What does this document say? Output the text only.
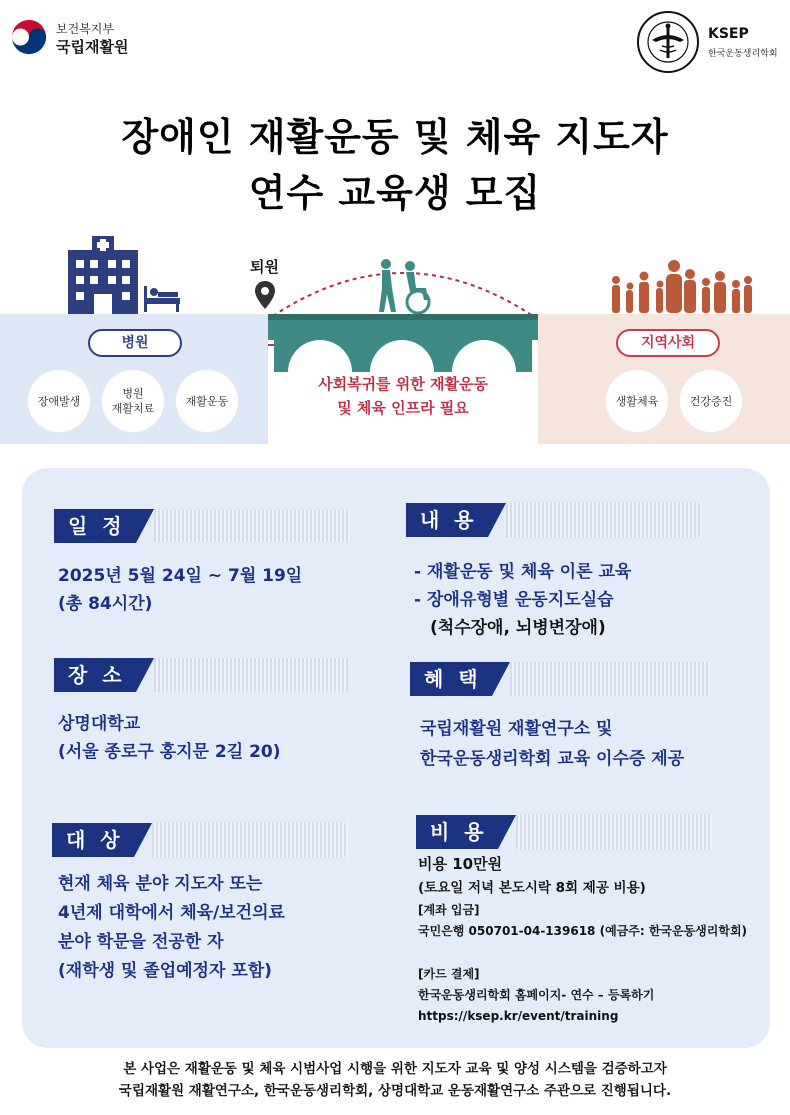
보건복지부
국립재활원
KSEP
한국운동생리학회
장애인 재활운동 및 체육 지도자
연수 교육생 모집
퇴원
사회복귀를 위한 재활운동
및 체육 인프라 필요
병원
장애발생
병원
재활치료
재활운동
지역사회
생활체육	건강증진
일 정
2025년 5월 24일 ~ 7월 19일
(총 84시간)
장 소
상명대학교
(서울 종로구 홍지문 2길 20)
대 상
현재 체육 분야 지도자 또는
4년제 대학에서 체육/보건의료
분야 학문을 전공한 자
(재학생 및 졸업예정자 포함)
내 용
- 재활운동 및 체육 이론 교육
- 장애유형별 운동지도실습
(척수장애, 뇌병변장애)
혜 택
국립재활원 재활연구소 및
한국운동생리학회 교육 이수증 제공
비 용
비용 10만원
(토요일 저녁 본도시락 8회 제공 비용)
[계좌 입금]
국민은행 050701-04-139618 (예금주: 한국운동생리학회)
[카드 결제]
한국운동생리학회 홈페이지- 연수 – 등록하기
https://ksep.kr/event/training
본 사업은 재활운동 및 체육 시범사업 시행을 위한 지도자 교육 및 양성 시스템을 검증하고자
국립재활원 재활연구소, 한국운동생리학회, 상명대학교 운동재활연구소 주관으로 진행됩니다.
